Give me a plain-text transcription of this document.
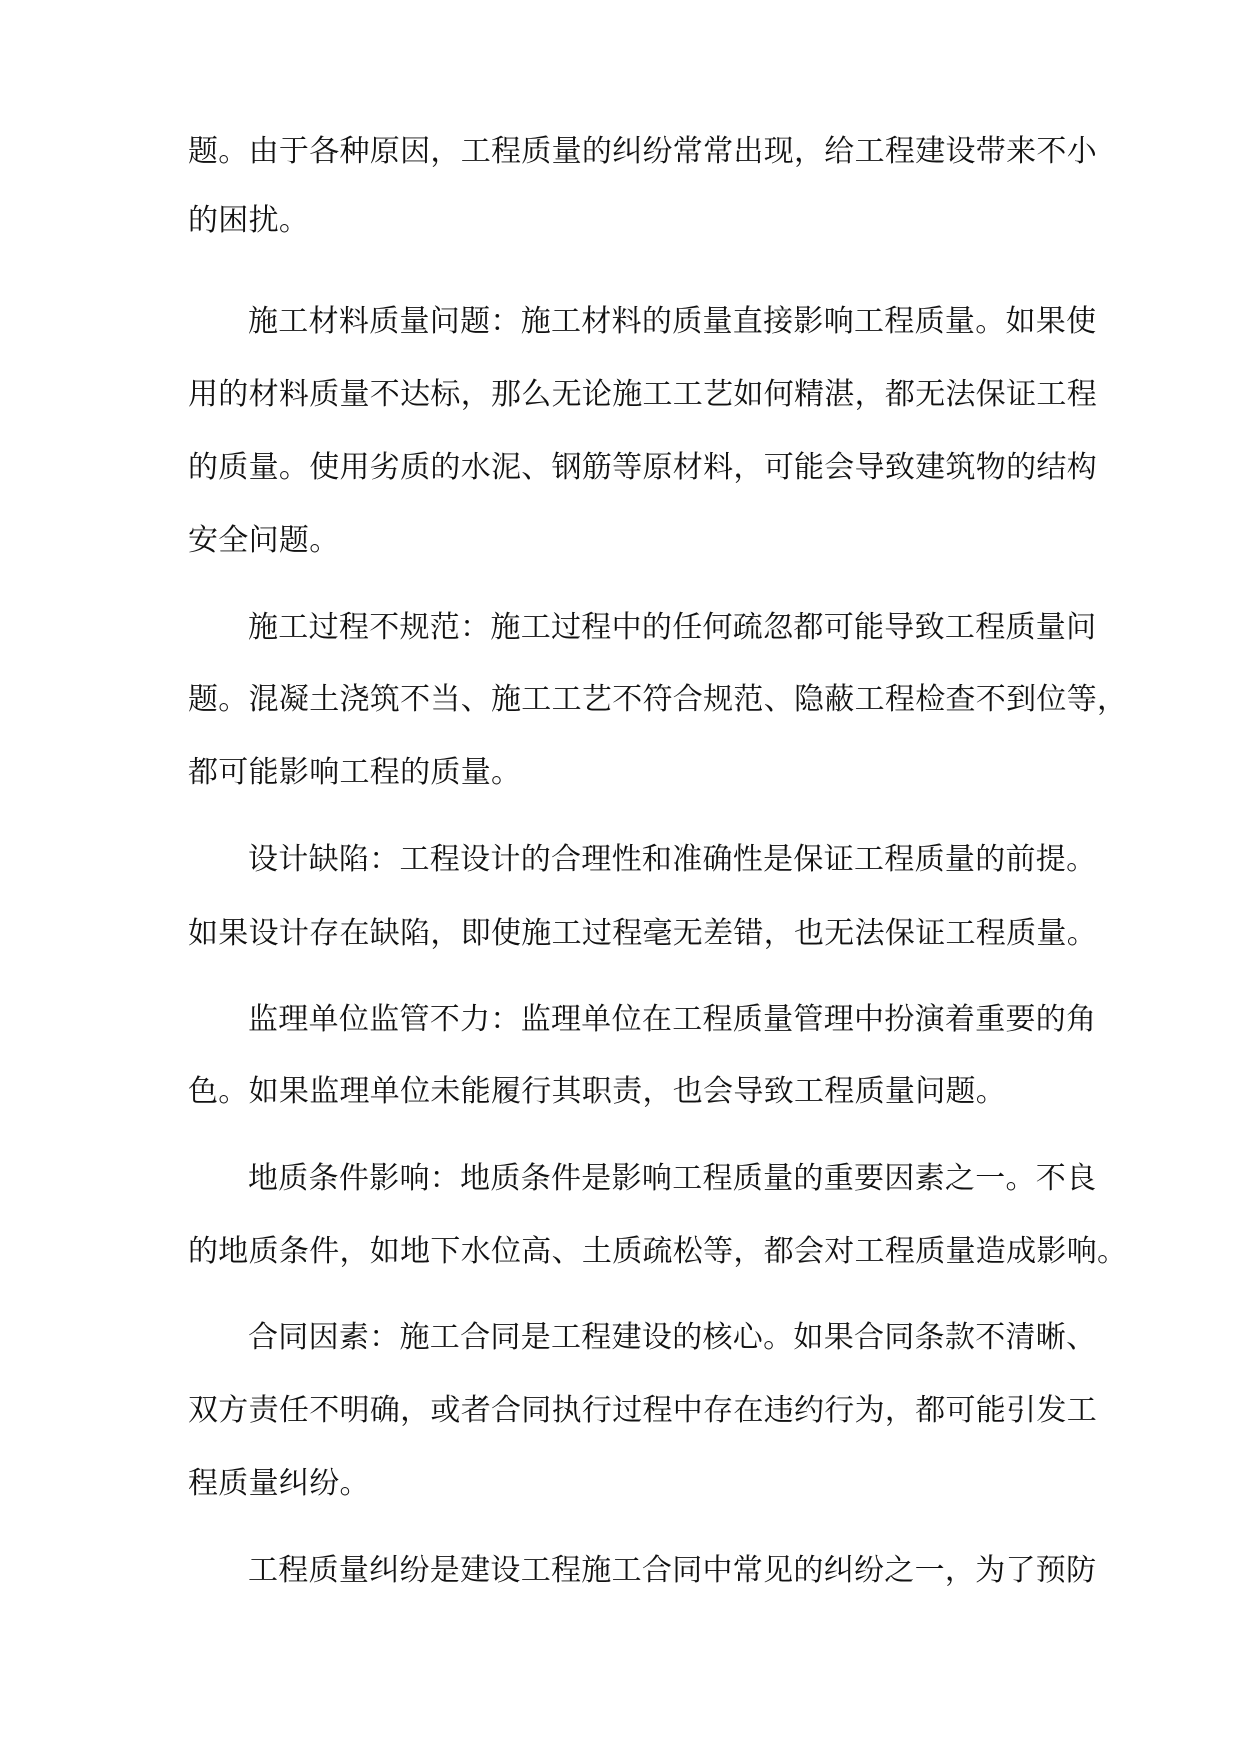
题。由于各种原因，工程质量的纠纷常常出现，给工程建设带来不小
的困扰。
施工材料质量问题：施工材料的质量直接影响工程质量。如果使
用的材料质量不达标，那么无论施工工艺如何精湛，都无法保证工程
的质量。使用劣质的水泥、钢筋等原材料，可能会导致建筑物的结构
安全问题。
施工过程不规范：施工过程中的任何疏忽都可能导致工程质量问
题。混凝土浇筑不当、施工工艺不符合规范、隐蔽工程检查不到位等，
都可能影响工程的质量。
设计缺陷：工程设计的合理性和准确性是保证工程质量的前提。
如果设计存在缺陷，即使施工过程毫无差错，也无法保证工程质量。
监理单位监管不力：监理单位在工程质量管理中扮演着重要的角
色。如果监理单位未能履行其职责，也会导致工程质量问题。
地质条件影响：地质条件是影响工程质量的重要因素之一。不良
的地质条件，如地下水位高、土质疏松等，都会对工程质量造成影响。
合同因素：施工合同是工程建设的核心。如果合同条款不清晰、
双方责任不明确，或者合同执行过程中存在违约行为，都可能引发工
程质量纠纷。
工程质量纠纷是建设工程施工合同中常见的纠纷之一，为了预防
